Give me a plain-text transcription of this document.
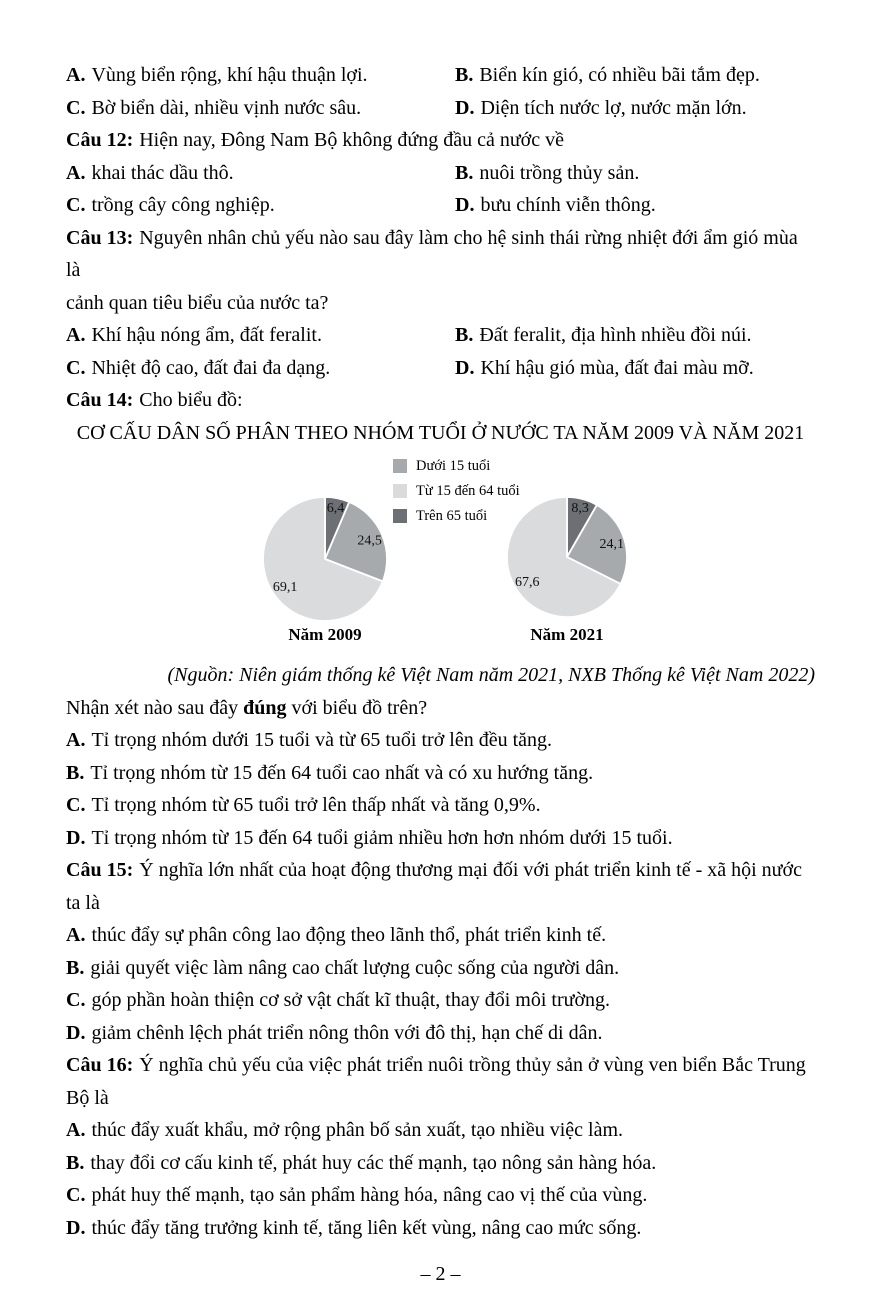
A. Vùng biển rộng, khí hậu thuận lợi.	B. Biển kín gió, có nhiều bãi tắm đẹp.
C. Bờ biển dài, nhiều vịnh nước sâu.	D. Diện tích nước lợ, nước mặn lớn.
Câu 12: Hiện nay, Đông Nam Bộ không đứng đầu cả nước về
A. khai thác dầu thô.	B. nuôi trồng thủy sản.
C. trồng cây công nghiệp.	D. bưu chính viễn thông.
Câu 13: Nguyên nhân chủ yếu nào sau đây làm cho hệ sinh thái rừng nhiệt đới ẩm gió mùa là
cảnh quan tiêu biểu của nước ta?
A. Khí hậu nóng ẩm, đất feralit.	B. Đất feralit, địa hình nhiều đồi núi.
C. Nhiệt độ cao, đất đai đa dạng.	D. Khí hậu gió mùa, đất đai màu mỡ.
Câu 14: Cho biểu đồ:
CƠ CẤU DÂN SỐ PHÂN THEO NHÓM TUỔI Ở NƯỚC TA NĂM 2009 VÀ NĂM 2021
Dưới 15 tuổi
Từ 15 đến 64 tuổi
Trên 65 tuổi
6,4
24,5
69,1
8,3
24,1
67,6
Năm 2009	Năm 2021
(Nguồn: Niên giám thống kê Việt Nam năm 2021, NXB Thống kê Việt Nam 2022)
Nhận xét nào sau đây đúng với biểu đồ trên?
A. Tỉ trọng nhóm dưới 15 tuổi và từ 65 tuổi trở lên đều tăng.
B. Tỉ trọng nhóm từ 15 đến 64 tuổi cao nhất và có xu hướng tăng.
C. Tỉ trọng nhóm từ 65 tuổi trở lên thấp nhất và tăng 0,9%.
D. Tỉ trọng nhóm từ 15 đến 64 tuổi giảm nhiều hơn hơn nhóm dưới 15 tuổi.
Câu 15: Ý nghĩa lớn nhất của hoạt động thương mại đối với phát triển kinh tế - xã hội nước ta là
A. thúc đẩy sự phân công lao động theo lãnh thổ, phát triển kinh tế.
B. giải quyết việc làm nâng cao chất lượng cuộc sống của người dân.
C. góp phần hoàn thiện cơ sở vật chất kĩ thuật, thay đổi môi trường.
D. giảm chênh lệch phát triển nông thôn với đô thị, hạn chế di dân.
Câu 16: Ý nghĩa chủ yếu của việc phát triển nuôi trồng thủy sản ở vùng ven biển Bắc Trung Bộ là
A. thúc đẩy xuất khẩu, mở rộng phân bố sản xuất, tạo nhiều việc làm.
B. thay đổi cơ cấu kinh tế, phát huy các thế mạnh, tạo nông sản hàng hóa.
C. phát huy thế mạnh, tạo sản phẩm hàng hóa, nâng cao vị thế của vùng.
D. thúc đẩy tăng trưởng kinh tế, tăng liên kết vùng, nâng cao mức sống.
– 2 –
